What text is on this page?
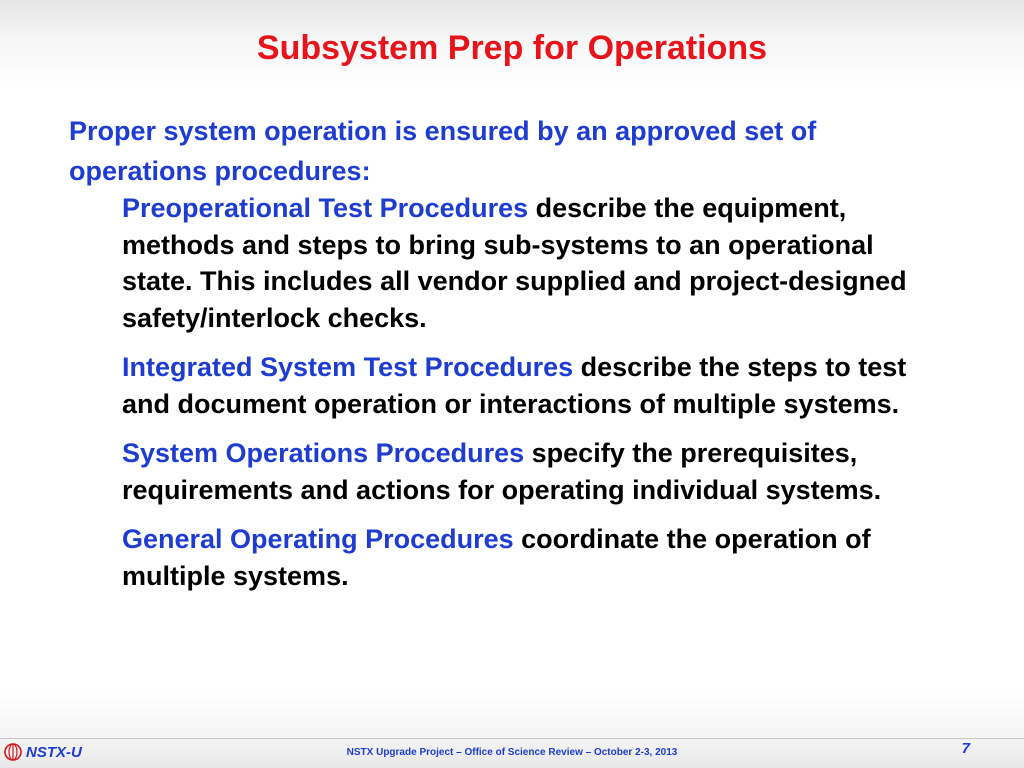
Subsystem Prep for Operations

Proper system operation is ensured by an approved set of operations procedures:

Preoperational Test Procedures describe the equipment, methods and steps to bring sub-systems to an operational state. This includes all vendor supplied and project-designed safety/interlock checks.

Integrated System Test Procedures describe the steps to test and document operation or interactions of multiple systems.

System Operations Procedures specify the prerequisites, requirements and actions for operating individual systems.

General Operating Procedures coordinate the operation of multiple systems.

NSTX-U	NSTX Upgrade Project – Office of Science Review – October 2-3, 2013	7
